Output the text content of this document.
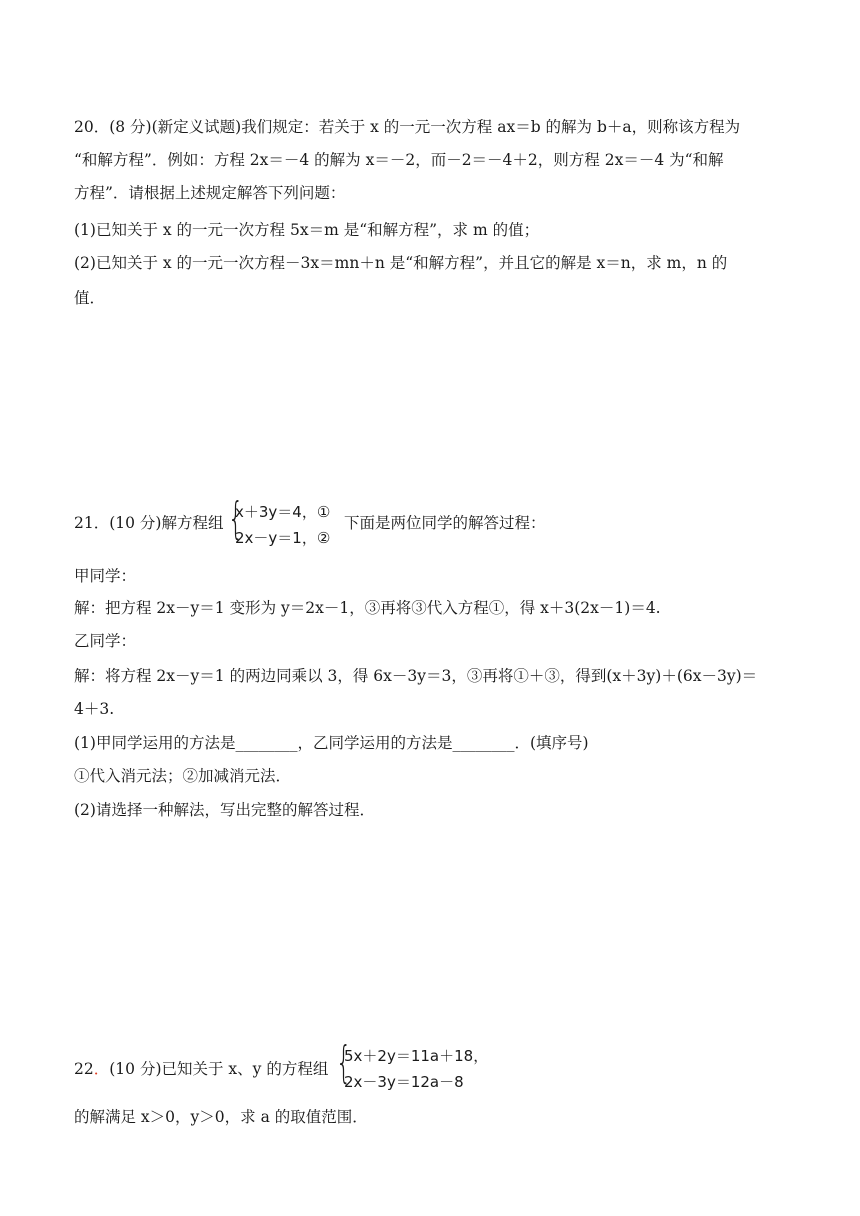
20．(8 分)(新定义试题)我们规定：若关于 x 的一元一次方程 ax＝b 的解为 b＋a，则称该方程为
“和解方程”．例如：方程 2x＝－4 的解为 x＝－2，而－2＝－4＋2，则方程 2x＝－4 为“和解
方程”．请根据上述规定解答下列问题：
(1)已知关于 x 的一元一次方程 5x＝m 是“和解方程”，求 m 的值；
(2)已知关于 x 的一元一次方程－3x＝mn＋n 是“和解方程”，并且它的解是 x＝n，求 m，n 的
值．
21．(10 分)解方程组 {
x＋3y＝4，①
2x－y＝1，②
下面是两位同学的解答过程：
甲同学：
解：把方程 2x－y＝1 变形为 y＝2x－1，③再将③代入方程①，得 x＋3(2x－1)＝4.
乙同学：
解：将方程 2x－y＝1 的两边同乘以 3，得 6x－3y＝3，③再将①＋③，得到(x＋3y)＋(6x－3y)＝
4＋3.
(1)甲同学运用的方法是________，乙同学运用的方法是________．(填序号)
①代入消元法；②加减消元法．
(2)请选择一种解法，写出完整的解答过程．
22．(10 分)已知关于 x、y 的方程组 {
5x＋2y＝11a＋18，
2x－3y＝12a－8
的解满足 x＞0，y＞0，求 a 的取值范围．
